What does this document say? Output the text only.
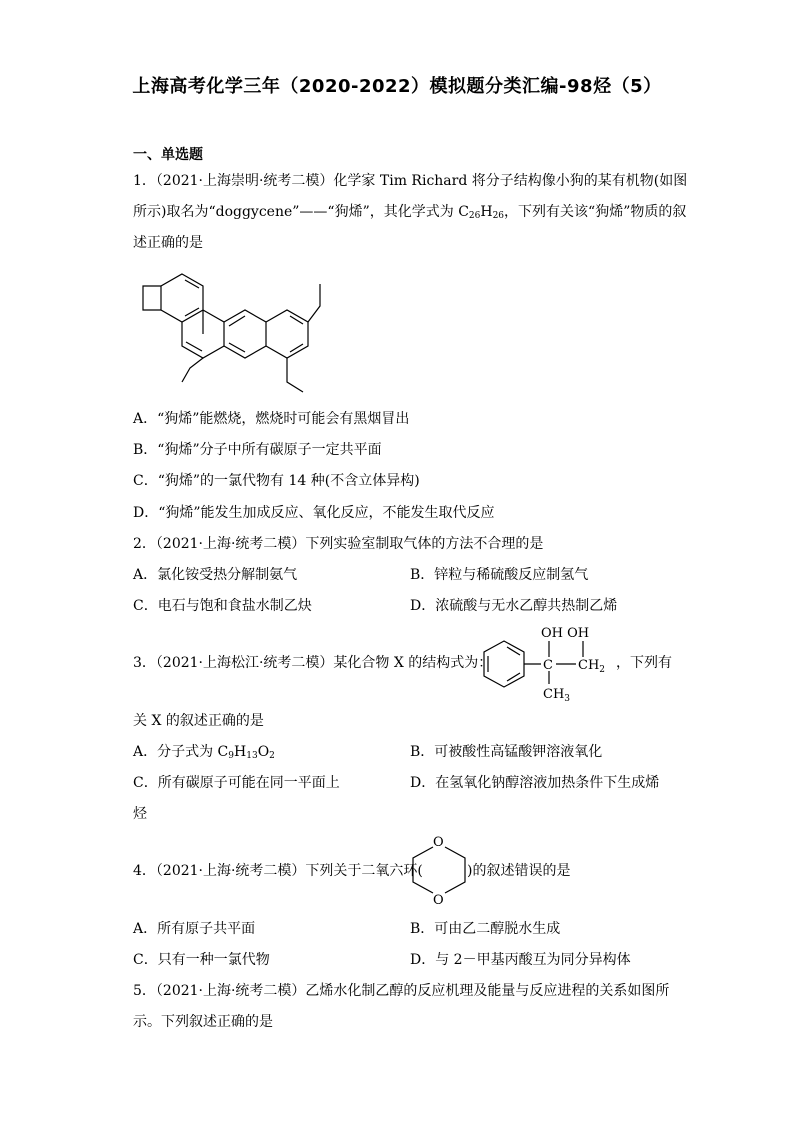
上海高考化学三年（2020-2022）模拟题分类汇编-98烃（5）
一、单选题
1．（2021·上海崇明·统考二模）化学家 Tim Richard 将分子结构像小狗的某有机物(如图
所示)取名为“doggycene”——“狗烯”，其化学式为 $C_{26}H_{26}$，下列有关该“狗烯”物质的叙
述正确的是
A．“狗烯”能燃烧，燃烧时可能会有黑烟冒出
B．“狗烯”分子中所有碳原子一定共平面
C．“狗烯”的一氯代物有 14 种(不含立体异构)
D．“狗烯”能发生加成反应、氧化反应，不能发生取代反应
2．（2021·上海·统考二模）下列实验室制取气体的方法不合理的是
A．氯化铵受热分解制氨气	B．锌粒与稀硫酸反应制氢气
C．电石与饱和食盐水制乙炔	D．浓硫酸与无水乙醇共热制乙烯
3．（2021·上海松江·统考二模）某化合物 X 的结构式为：
OH OH
C $CH_2$
$CH_3$
，下列有
关 X 的叙述正确的是
A．分子式为 $C_9H_{13}O_2$	B．可被酸性高锰酸钾溶液氧化
C．所有碳原子可能在同一平面上	D．在氢氧化钠醇溶液加热条件下生成烯
烃
4．（2021·上海·统考二模）下列关于二氧六环(
O
O
)的叙述错误的是
A．所有原子共平面	B．可由乙二醇脱水生成
C．只有一种一氯代物	D．与 2－甲基丙酸互为同分异构体
5．（2021·上海·统考二模）乙烯水化制乙醇的反应机理及能量与反应进程的关系如图所
示。下列叙述正确的是
